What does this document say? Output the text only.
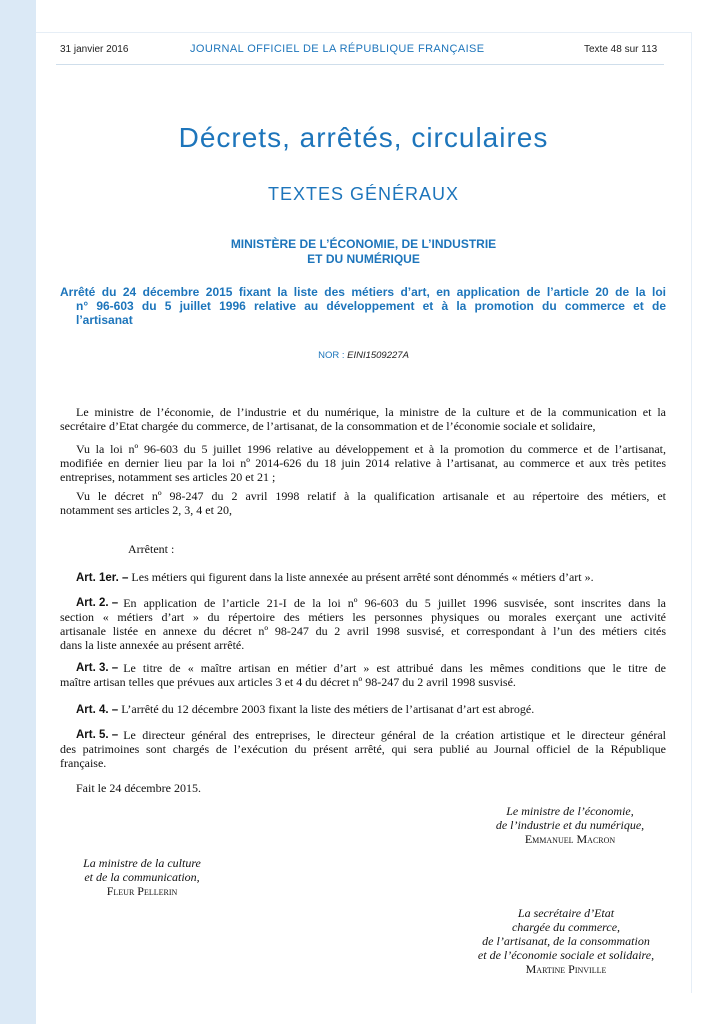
31 janvier 2016	JOURNAL OFFICIEL DE LA RÉPUBLIQUE FRANÇAISE	Texte 48 sur 113
Décrets, arrêtés, circulaires
TEXTES GÉNÉRAUX
MINISTÈRE DE L’ÉCONOMIE, DE L’INDUSTRIE
ET DU NUMÉRIQUE
Arrêté du 24 décembre 2015 fixant la liste des métiers d’art, en application de l’article 20 de la loi
n° 96-603 du 5 juillet 1996 relative au développement et à la promotion du commerce et de
l’artisanat
NOR : EINI1509227A
Le ministre de l’économie, de l’industrie et du numérique, la ministre de la culture et de la communication et la
secrétaire d’Etat chargée du commerce, de l’artisanat, de la consommation et de l’économie sociale et solidaire,
Vu la loi nº 96-603 du 5 juillet 1996 relative au développement et à la promotion du commerce et de l’artisanat,
modifiée en dernier lieu par la loi nº 2014-626 du 18 juin 2014 relative à l’artisanat, au commerce et aux très petites
entreprises, notamment ses articles 20 et 21 ;
Vu le décret nº 98-247 du 2 avril 1998 relatif à la qualification artisanale et au répertoire des métiers, et
notamment ses articles 2, 3, 4 et 20,
Arrêtent :
Art. 1er. – Les métiers qui figurent dans la liste annexée au présent arrêté sont dénommés « métiers d’art ».
Art. 2. – En application de l’article 21-I de la loi nº 96-603 du 5 juillet 1996 susvisée, sont inscrites dans la
section « métiers d’art » du répertoire des métiers les personnes physiques ou morales exerçant une activité
artisanale listée en annexe du décret nº 98-247 du 2 avril 1998 susvisé, et correspondant à l’un des métiers cités
dans la liste annexée au présent arrêté.
Art. 3. – Le titre de « maître artisan en métier d’art » est attribué dans les mêmes conditions que le titre de
maître artisan telles que prévues aux articles 3 et 4 du décret nº 98-247 du 2 avril 1998 susvisé.
Art. 4. – L’arrêté du 12 décembre 2003 fixant la liste des métiers de l’artisanat d’art est abrogé.
Art. 5. – Le directeur général des entreprises, le directeur général de la création artistique et le directeur général
des patrimoines sont chargés de l’exécution du présent arrêté, qui sera publié au Journal officiel de la République
française.
Fait le 24 décembre 2015.
Le ministre de l’économie,
de l’industrie et du numérique,
Emmanuel Macron
La ministre de la culture
et de la communication,
Fleur Pellerin
La secrétaire d’Etat
chargée du commerce,
de l’artisanat, de la consommation
et de l’économie sociale et solidaire,
Martine Pinville
